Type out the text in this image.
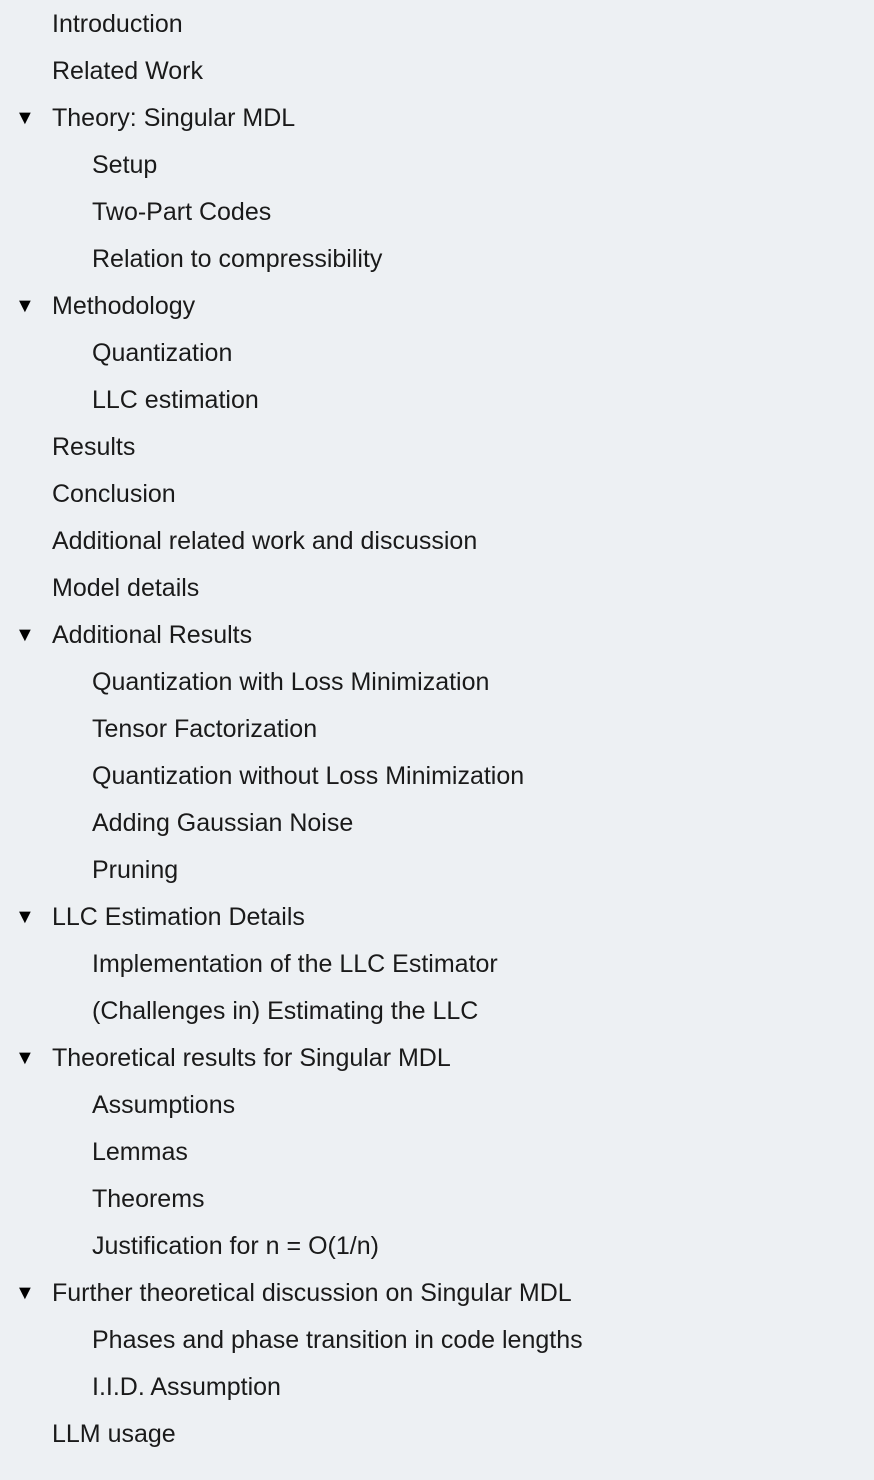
Introduction
Related Work
▼ Theory: Singular MDL
Setup
Two-Part Codes
Relation to compressibility
▼ Methodology
Quantization
LLC estimation
Results
Conclusion
Additional related work and discussion
Model details
▼ Additional Results
Quantization with Loss Minimization
Tensor Factorization
Quantization without Loss Minimization
Adding Gaussian Noise
Pruning
▼ LLC Estimation Details
Implementation of the LLC Estimator
(Challenges in) Estimating the LLC
▼ Theoretical results for Singular MDL
Assumptions
Lemmas
Theorems
Justification for n = O(1/n)
▼ Further theoretical discussion on Singular MDL
Phases and phase transition in code lengths
I.I.D. Assumption
LLM usage
